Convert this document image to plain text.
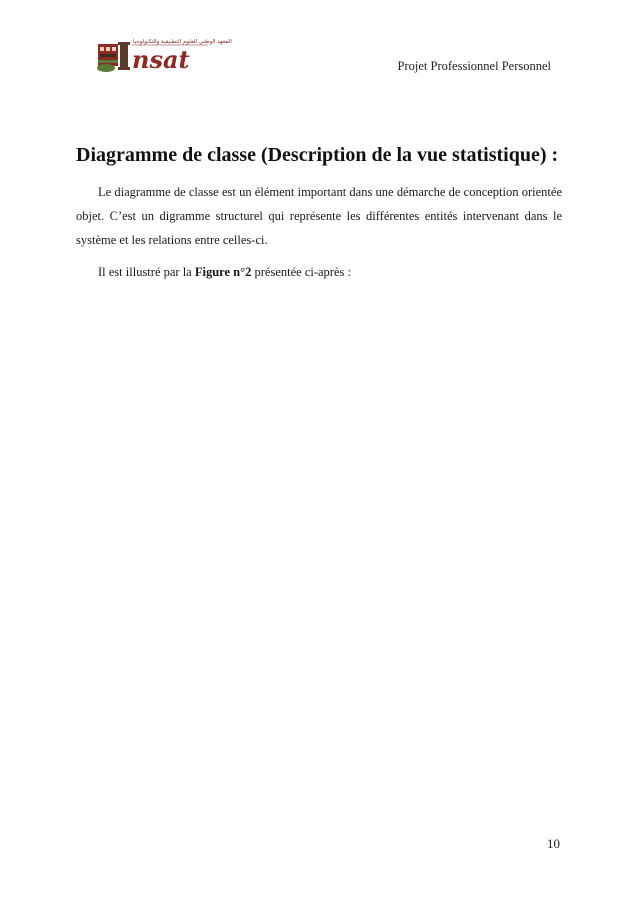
المعهد الوطني للعلوم التطبيقية والتكنولوجيا
nsat	Projet Professionnel Personnel
Diagramme de classe (Description de la vue statistique) :

Le diagramme de classe est un élément important dans une démarche de conception orientée objet. C’est un digramme structurel qui représente les différentes entités intervenant dans le système et les relations entre celles-ci.

Il est illustré par la Figure n°2 présentée ci-après :

10
